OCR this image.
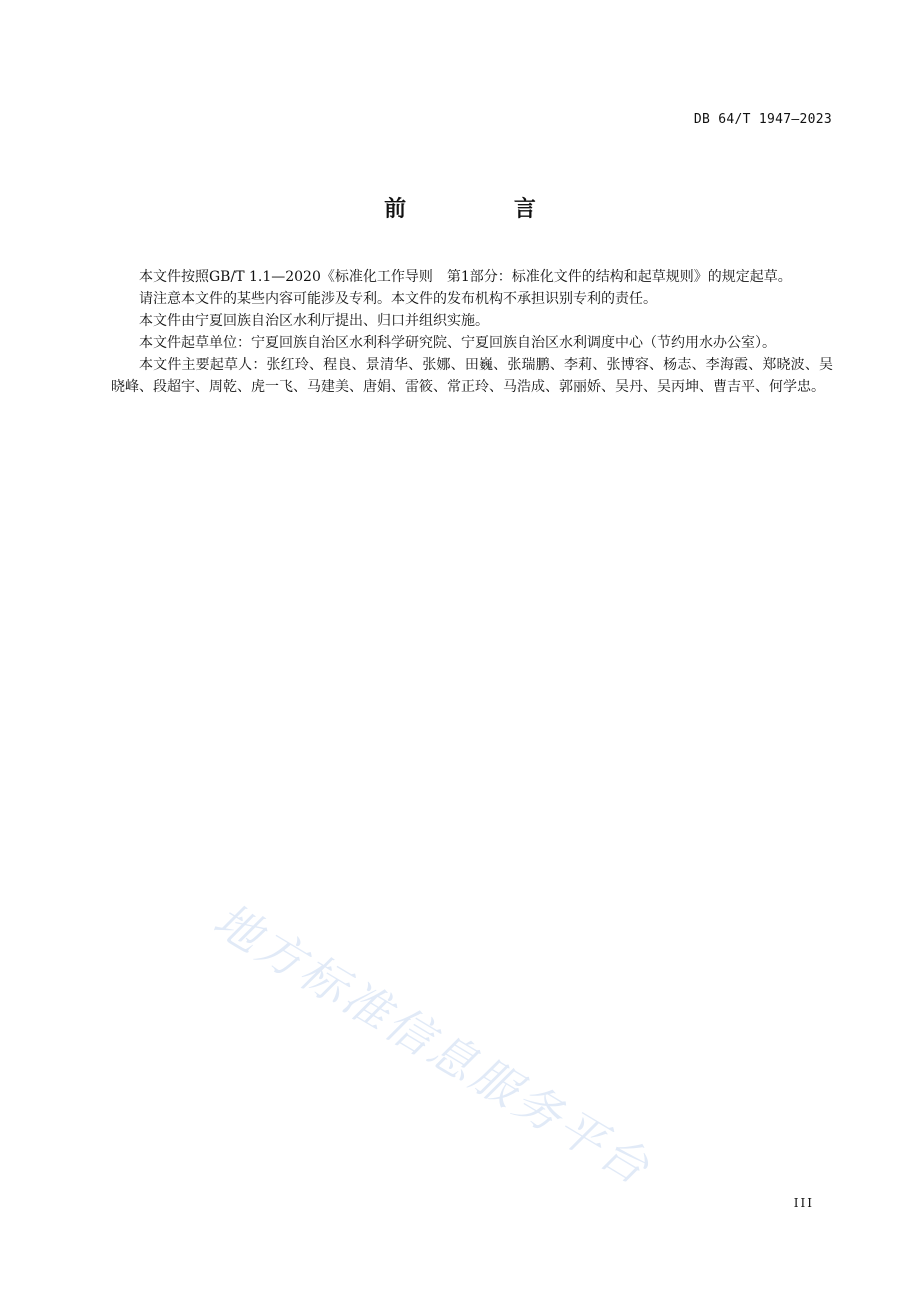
DB 64/T 1947—2023
前 言

本文件按照GB/T 1.1—2020《标准化工作导则　第1部分：标准化文件的结构和起草规则》的规定起草。

请注意本文件的某些内容可能涉及专利。本文件的发布机构不承担识别专利的责任。

本文件由宁夏回族自治区水利厅提出、归口并组织实施。

本文件起草单位：宁夏回族自治区水利科学研究院、宁夏回族自治区水利调度中心（节约用水办公室）。

本文件主要起草人：张红玲、程良、景清华、张娜、田巍、张瑞鹏、李莉、张博容、杨志、李海霞、郑晓波、吴晓峰、段超宇、周乾、虎一飞、马建美、唐娟、雷筱、常正玲、马浩成、郭丽娇、吴丹、吴丙坤、曹吉平、何学忠。

地方标准信息服务平台
III
